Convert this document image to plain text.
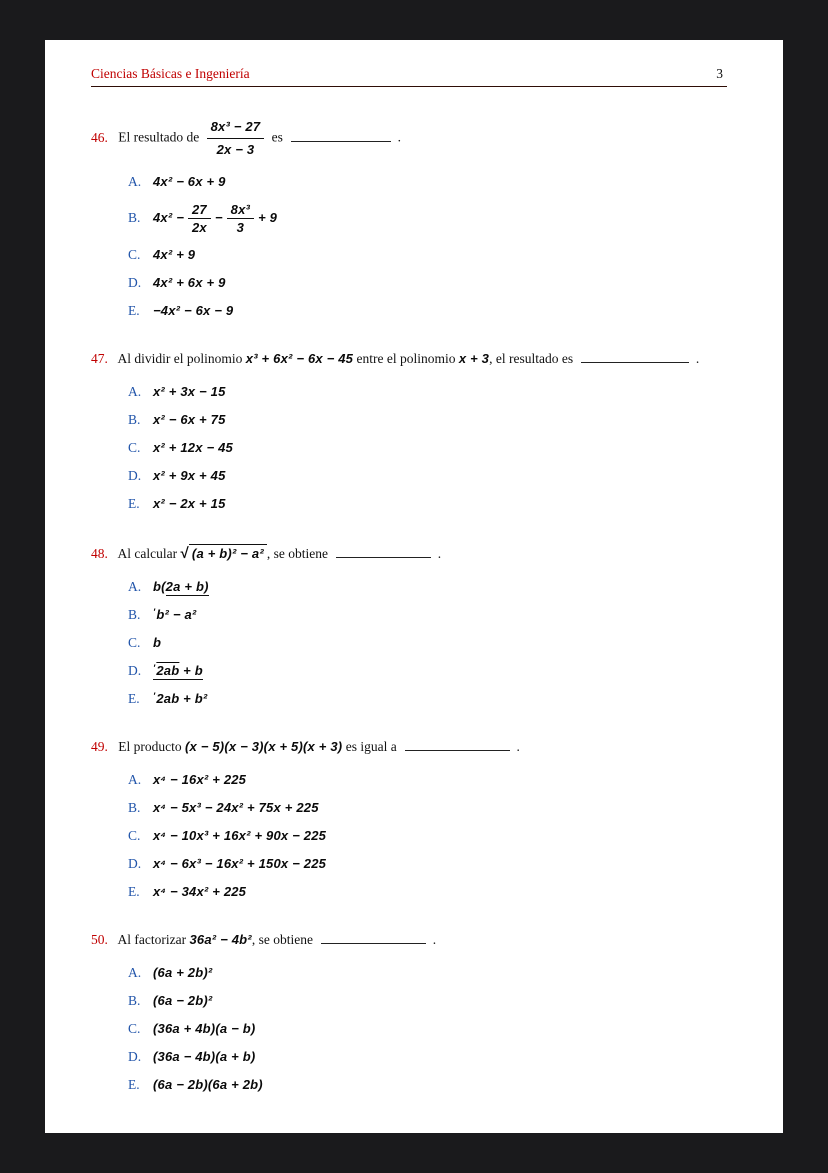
Ciencias Básicas e Ingeniería	3
46. El resultado de $\frac{\text{8x³ − 27}}{2x - 3}$ es	.
A. 4x² − 6x + 9
B. $4x^2 - \frac{27}{2x} - \frac{\text{8x³}}{3} + 9$
C. 4x² + 9
D. 4x² + 6x + 9
E. −4x² − 6x − 9
47. Al dividir el polinomio x³ + 6x² − 6x − 45 entre el polinomio x + 3, el resultado es	.
A. x² + 3x − 15
B. x² − 6x + 75
C. x² + 12x − 45
D. x² + 9x + 45
E. x² − 2x + 15
48. Al calcular √ (a + b)² − a² , se obtiene	.
A. b(2a + b)
B. ′b² − a²
C. b
D. ′2ab + b
E. ′2ab + b²
49. El producto (x − 5)(x − 3)(x + 5)(x + 3) es igual a	.
A. x⁴ − 16x² + 225
B. x⁴ − 5x³ − 24x² + 75x + 225
C. x⁴ − 10x³ + 16x² + 90x − 225
D. x⁴ − 6x³ − 16x² + 150x − 225
E. x⁴ − 34x² + 225
50. Al factorizar 36a² − 4b², se obtiene	.
A. (6a + 2b)²
B. (6a − 2b)²
C. (36a + 4b)(a − b)
D. (36a − 4b)(a + b)
E. (6a − 2b)(6a + 2b)
